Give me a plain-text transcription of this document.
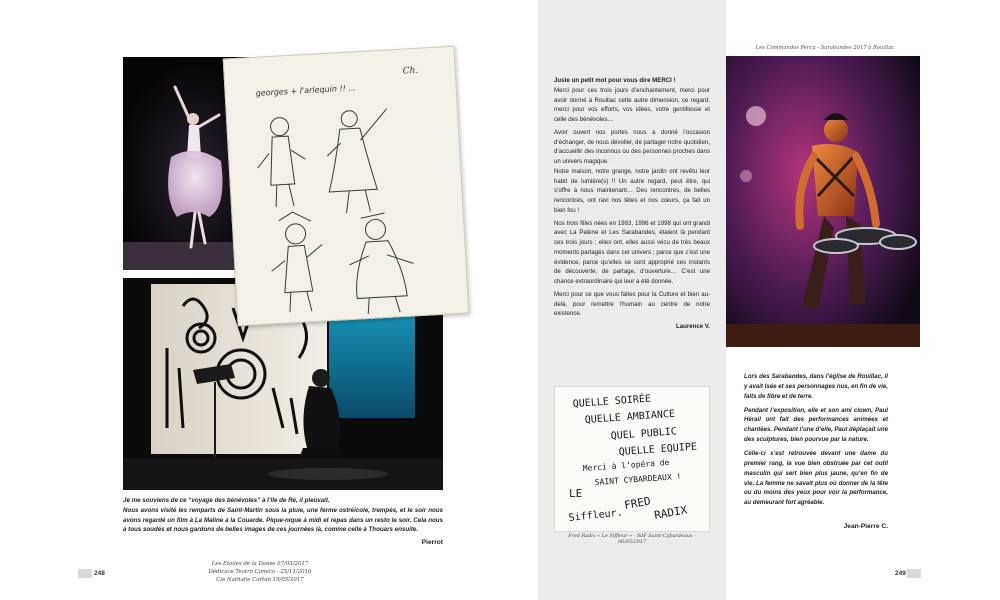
georges + l'arlequin !! ...
Ch.
Je me souviens de ce “voyage des bénévoles” à l’île de Ré, il pleuvait.
Nous avons visité les remparts de Saint-Martin sous la pluie, une ferme ostréicole, trempés, et le soir nous avons regardé un film à La Maline à la Couarde. Pique-nique à midi et repas dans un resto le soir. Cela nous a tous soudés et nous gardons de belles images de ces journées là, comme celle à Thouars ensuite.
Pierrot
Les Etoiles de la Danse 07/03/2017
Dédicace Teatro Comico - 25/11/2016
Cie Nathalie Cortan 19/05/2017
248

Juste un petit mot pour vous dire MERCI !

Merci pour ces trois jours d’enchantement, merci pour avoir donné à Rouillac cette autre dimension, ce regard, merci pour vos efforts, vos idées, votre gentillesse et celle des bénévoles…

Avoir ouvert nos portes nous a donné l’occasion d’échanger, de nous dévoiler, de partager notre quotidien, d’accueillir des inconnus ou des personnes proches dans un univers magique.

Notre maison, notre grange, notre jardin ont revêtu leur habit de lumière(s) !! Un autre regard, peut être, qui s’offre à nous maintenant… Des rencontres, de belles rencontres, ont ravi nos têtes et nos cœurs, ça fait un bien fou !

Nos trois filles nées en 1993, 1996 et 1998 qui ont grandi avec La Palène et Les Sarabandes, étaient là pendant ces trois jours ; elles ont, elles aussi vécu de très beaux moments partagés dans cet univers ; parce que c’est une évidence, parce qu’elles se sont approprié ces instants de découverte, de partage, d’ouverture… C’est une chance extraordinaire qui leur a été donnée.

Merci pour ce que vous faites pour la Culture et bien au-delà, pour remettre l’humain au centre de notre existence.

Laurence V.

QUELLE SOIRÉE
QUELLE AMBIANCE
QUEL PUBLIC
QUELLE EQUIPE
Merci à l’opéra de
SAINT CYBARDEAUX !
LE
Siffleur.
FRED
RADIX
Fred Radix « Le Siffleur » - SdF Saint-Cybardeaux - 06/05/2017
Les Commandos Percu - Sarabandes 2017 à Rouillac

Lors des Sarabandes, dans l’église de Rouillac, il y avait Isée et ses personnages nus, en fin de vie, faits de fibre et de terre.

Pendant l’exposition, elle et son ami clown, Paul Hérail ont fait des performances animées et chantées. Pendant l’une d’elle, Paul déplaçait une des sculptures, bien pourvue par la nature.

Celle-ci s’est retrouvée devant une dame du premier rang, la vue bien obstruée par cet outil masculin qui sert bien plus jaune, qu’en fin de vie. La femme ne savait plus où donner de la tête ou du moins des yeux pour voir la performance, au demeurant fort agréable.

Jean-Pierre C.
249
